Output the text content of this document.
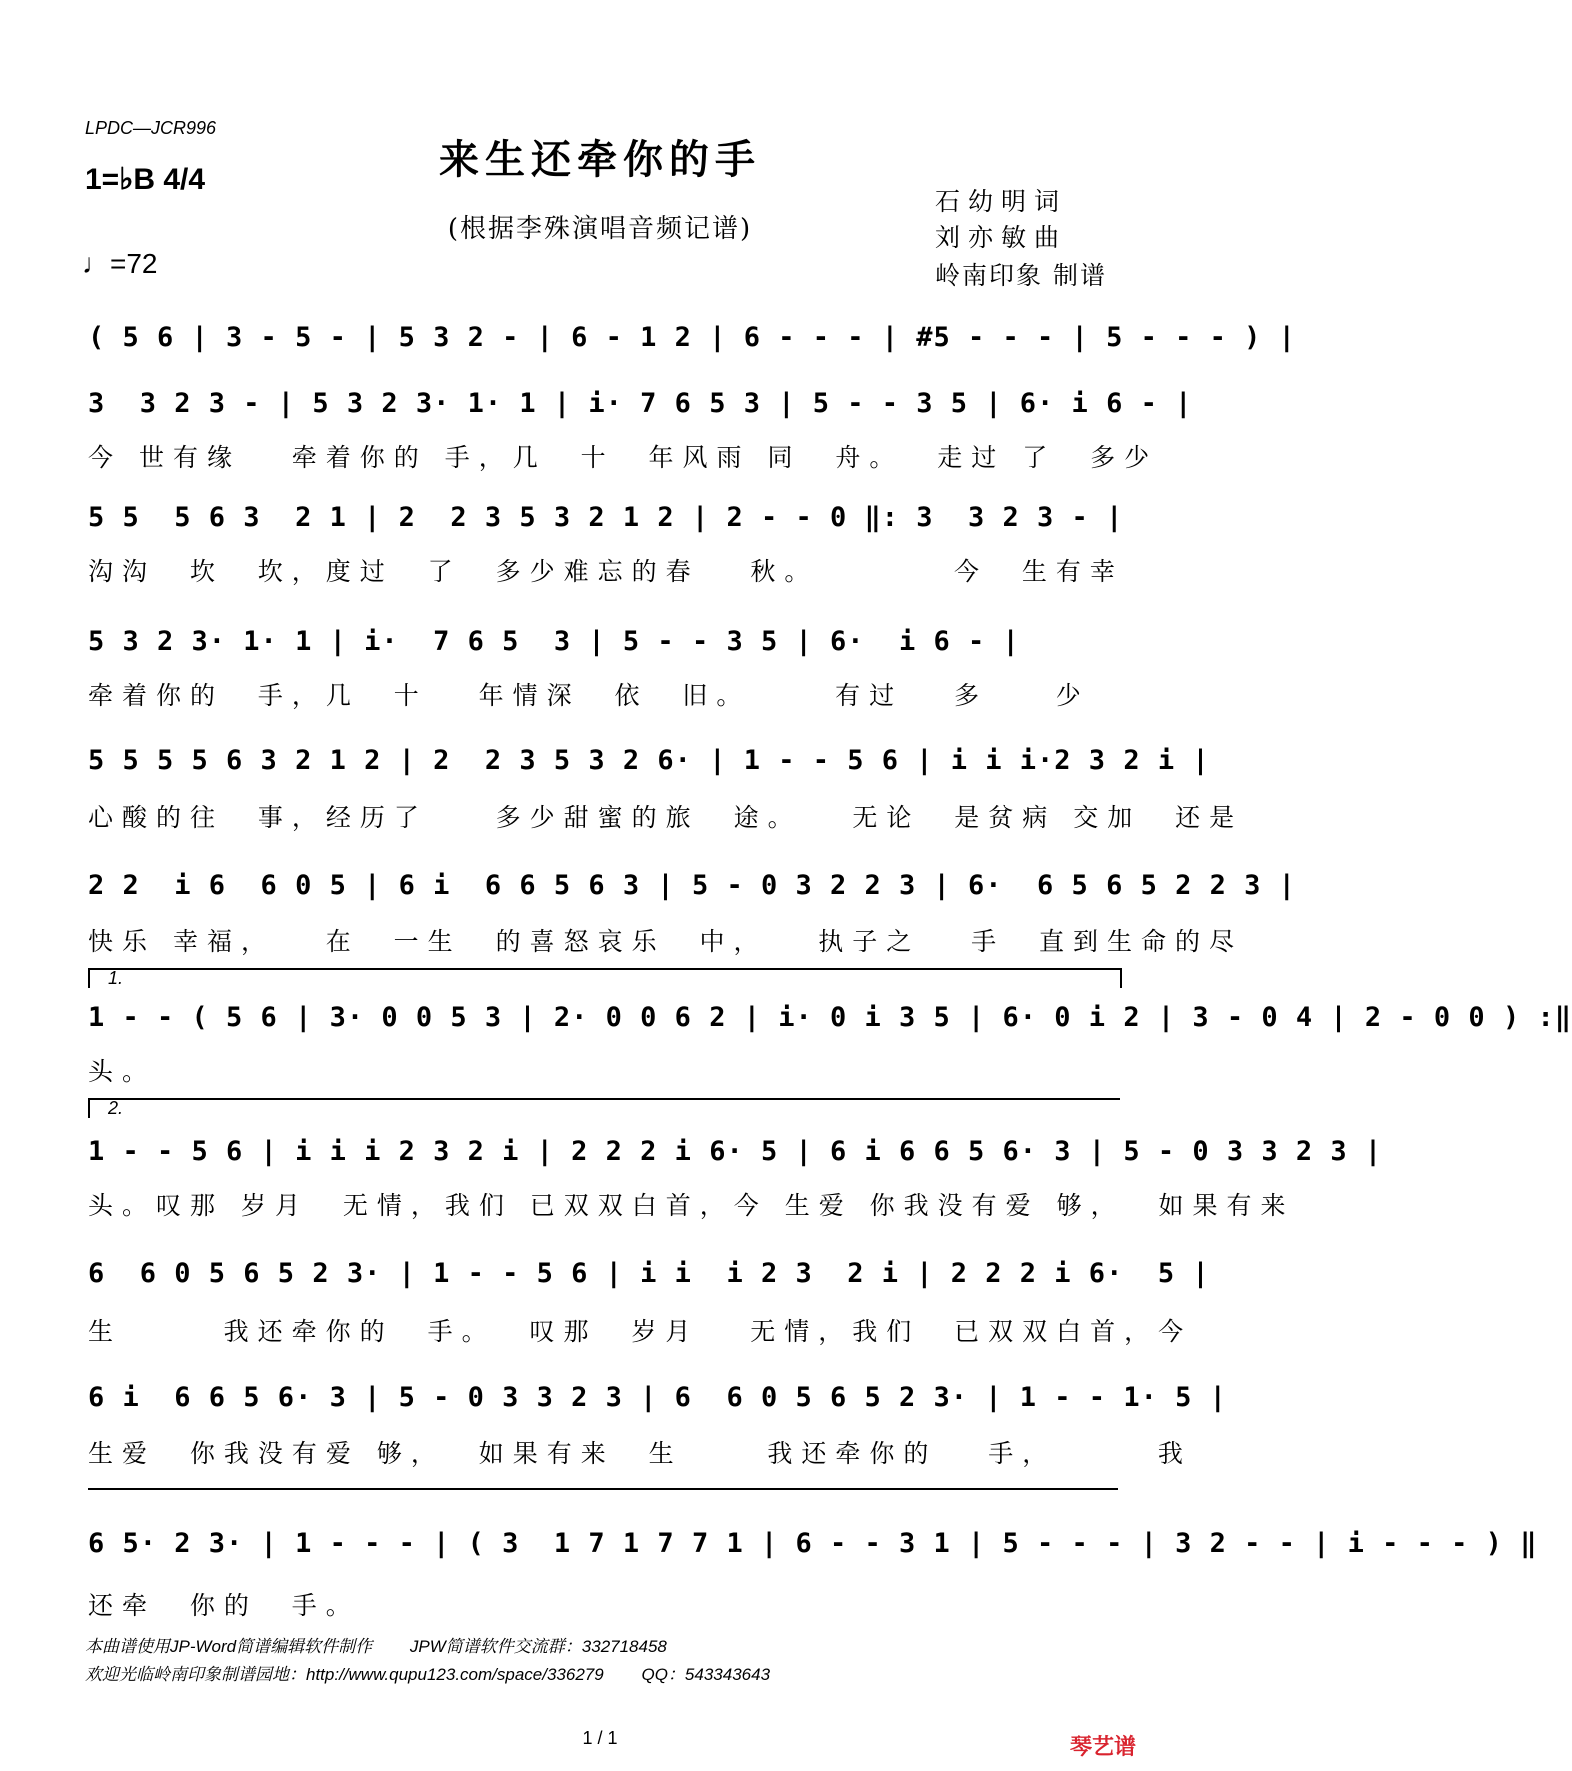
LPDC—JCR996
1=♭B 4/4
♩=72
来生还牵你的手
(根据李殊演唱音频记谱)
石幼明词
刘亦敏曲
岭南印象 制谱
( 5 6 | 3 - 5 - | 5 3 2 - | 6 - 1 2 | 6 - - - | #5 - - - | 5 - - - ) |
3  3 2 3 - | 5 3 2 3· 1· 1 | i· 7 6 5 3 | 5 - - 3 5 | 6· i 6 - |
今 世有缘   牵着你的 手，几  十  年风雨 同  舟。  走过 了  多少
5 5  5 6 3  2 1 | 2  2 3 5 3 2 1 2 | 2 - - 0 ‖: 3  3 2 3 - |
沟沟  坎  坎，度过  了  多少难忘的春   秋。        今  生有幸
5 3 2 3· 1· 1 | i·  7 6 5  3 | 5 - - 3 5 | 6·  i 6 - |
牵着你的  手，几  十   年情深  依  旧。     有过   多    少
5 5 5 5 6 3 2 1 2 | 2  2 3 5 3 2 6· | 1 - - 5 6 | i i i·2 3 2 i |
心酸的往  事，经历了    多少甜蜜的旅  途。   无论  是贫病 交加  还是
2 2  i 6  6 0 5 | 6 i  6 6 5 6 3 | 5 - 0 3 2 2 3 | 6·  6 5 6 5 2 2 3 |
快乐 幸福，   在  一生  的喜怒哀乐  中，   执子之   手  直到生命的尽
1.
1 - - ( 5 6 | 3· 0 0 5 3 | 2· 0 0 6 2 | i· 0 i 3 5 | 6· 0 i 2 | 3 - 0 4 | 2 - 0 0 ) :‖
头。
2.
1 - - 5 6 | i i i 2 3 2 i | 2 2 2 i 6· 5 | 6 i 6 6 5 6· 3 | 5 - 0 3 3 2 3 |
头。叹那 岁月  无情，我们 已双双白首，今 生爱 你我没有爱 够，  如果有来
6  6 0 5 6 5 2 3· | 1 - - 5 6 | i i  i 2 3  2 i | 2 2 2 i 6·  5 |
生      我还牵你的  手。  叹那  岁月   无情，我们  已双双白首，今
6 i  6 6 5 6· 3 | 5 - 0 3 3 2 3 | 6  6 0 5 6 5 2 3· | 1 - - 1· 5 |
生爱  你我没有爱 够，  如果有来  生     我还牵你的   手，      我
6 5· 2 3· | 1 - - - | ( 3  1 7 1 7 7 1 | 6 - - 3 1 | 5 - - - | 3 2 - - | i - - - ) ‖
还牵  你的  手。
本曲谱使用JP-Word简谱编辑软件制作        JPW简谱软件交流群：332718458
欢迎光临岭南印象制谱园地：http://www.qupu123.com/space/336279        QQ：543343643
1 / 1	琴艺谱
